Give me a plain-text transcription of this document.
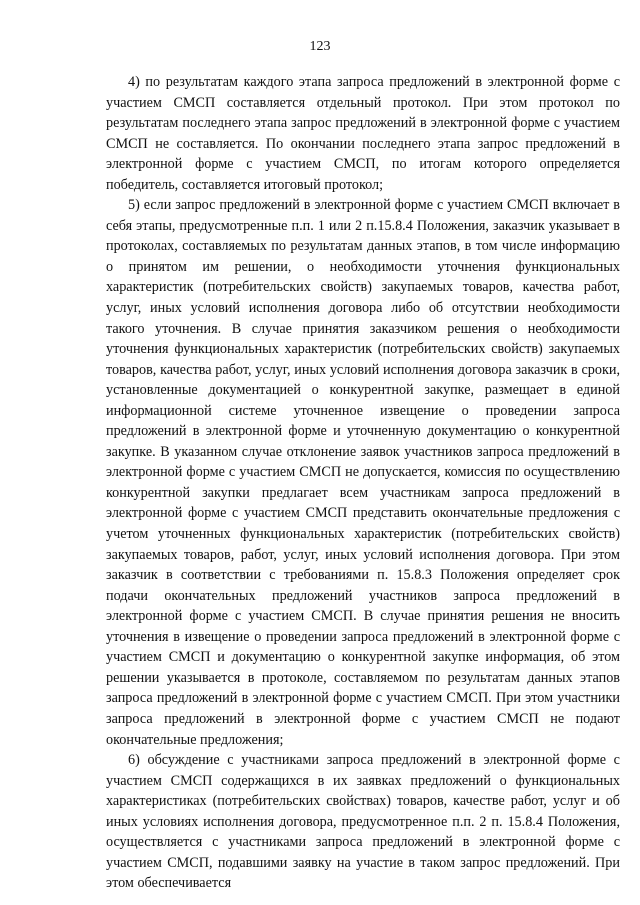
123

4) по результатам каждого этапа запроса предложений в электронной форме с участием СМСП составляется отдельный протокол. При этом протокол по результатам последнего этапа запрос предложений в электронной форме с участием СМСП не составляется. По окончании последнего этапа запрос предложений в электронной форме с участием СМСП, по итогам которого определяется победитель, составляется итоговый протокол;

5) если запрос предложений в электронной форме с участием СМСП включает в себя этапы, предусмотренные п.п. 1 или 2 п.15.8.4 Положения, заказчик указывает в протоколах, составляемых по результатам данных этапов, в том числе информацию о принятом им решении, о необходимости уточнения функциональных характеристик (потребительских свойств) закупаемых товаров, качества работ, услуг, иных условий исполнения договора либо об отсутствии необходимости такого уточнения. В случае принятия заказчиком решения о необходимости уточнения функциональных характеристик (потребительских свойств) закупаемых товаров, качества работ, услуг, иных условий исполнения договора заказчик в сроки, установленные документацией о конкурентной закупке, размещает в единой информационной системе уточненное извещение о проведении запроса предложений в электронной форме и уточненную документацию о конкурентной закупке. В указанном случае отклонение заявок участников запроса предложений в электронной форме с участием СМСП не допускается, комиссия по осуществлению конкурентной закупки предлагает всем участникам запроса предложений в электронной форме с участием СМСП представить окончательные предложения с учетом уточненных функциональных характеристик (потребительских свойств) закупаемых товаров, работ, услуг, иных условий исполнения договора. При этом заказчик в соответствии с требованиями п. 15.8.3 Положения определяет срок подачи окончательных предложений участников запроса предложений в электронной форме с участием СМСП. В случае принятия решения не вносить уточнения в извещение о проведении запроса предложений в электронной форме с участием СМСП и документацию о конкурентной закупке информация, об этом решении указывается в протоколе, составляемом по результатам данных этапов запроса предложений в электронной форме с участием СМСП. При этом участники запроса предложений в электронной форме с участием СМСП не подают окончательные предложения;

6) обсуждение с участниками запроса предложений в электронной форме с участием СМСП содержащихся в их заявках предложений о функциональных характеристиках (потребительских свойствах) товаров, качестве работ, услуг и об иных условиях исполнения договора, предусмотренное п.п. 2 п. 15.8.4 Положения, осуществляется с участниками запроса предложений в электронной форме с участием СМСП, подавшими заявку на участие в таком запрос предложений. При этом обеспечивается
